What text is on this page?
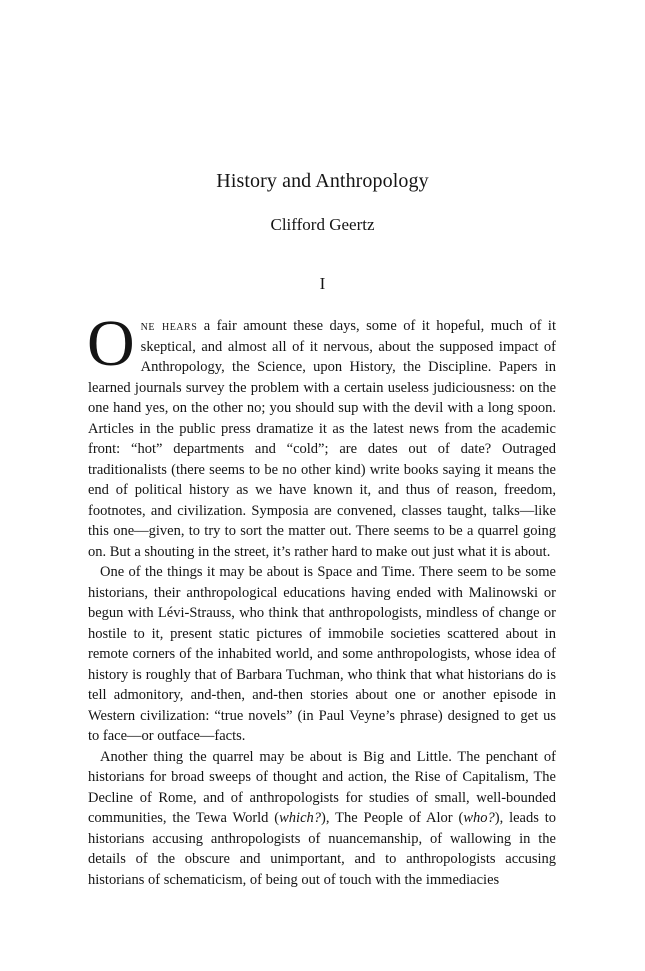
History and Anthropology
Clifford Geertz
I

One hears a fair amount these days, some of it hopeful, much of it skeptical, and almost all of it nervous, about the supposed impact of Anthropology, the Science, upon History, the Discipline. Papers in learned journals survey the problem with a certain useless judiciousness: on the one hand yes, on the other no; you should sup with the devil with a long spoon. Articles in the public press dramatize it as the latest news from the academic front: “hot” departments and “cold”; are dates out of date? Outraged traditionalists (there seems to be no other kind) write books saying it means the end of political history as we have known it, and thus of reason, freedom, footnotes, and civilization. Symposia are convened, classes taught, talks—like this one—given, to try to sort the matter out. There seems to be a quarrel going on. But a shouting in the street, it’s rather hard to make out just what it is about.

One of the things it may be about is Space and Time. There seem to be some historians, their anthropological educations having ended with Malinowski or begun with Lévi-Strauss, who think that anthropologists, mindless of change or hostile to it, present static pictures of immobile societies scattered about in remote corners of the inhabited world, and some anthropologists, whose idea of history is roughly that of Barbara Tuchman, who think that what historians do is tell admonitory, and-then, and-then stories about one or another episode in Western civilization: “true novels” (in Paul Veyne’s phrase) designed to get us to face—or outface—facts.

Another thing the quarrel may be about is Big and Little. The penchant of historians for broad sweeps of thought and action, the Rise of Capitalism, The Decline of Rome, and of anthropologists for studies of small, well-bounded communities, the Tewa World (which?), The People of Alor (who?), leads to historians accusing anthropologists of nuancemanship, of wallowing in the details of the obscure and unimportant, and to anthropologists accusing historians of schematicism, of being out of touch with the immediacies
